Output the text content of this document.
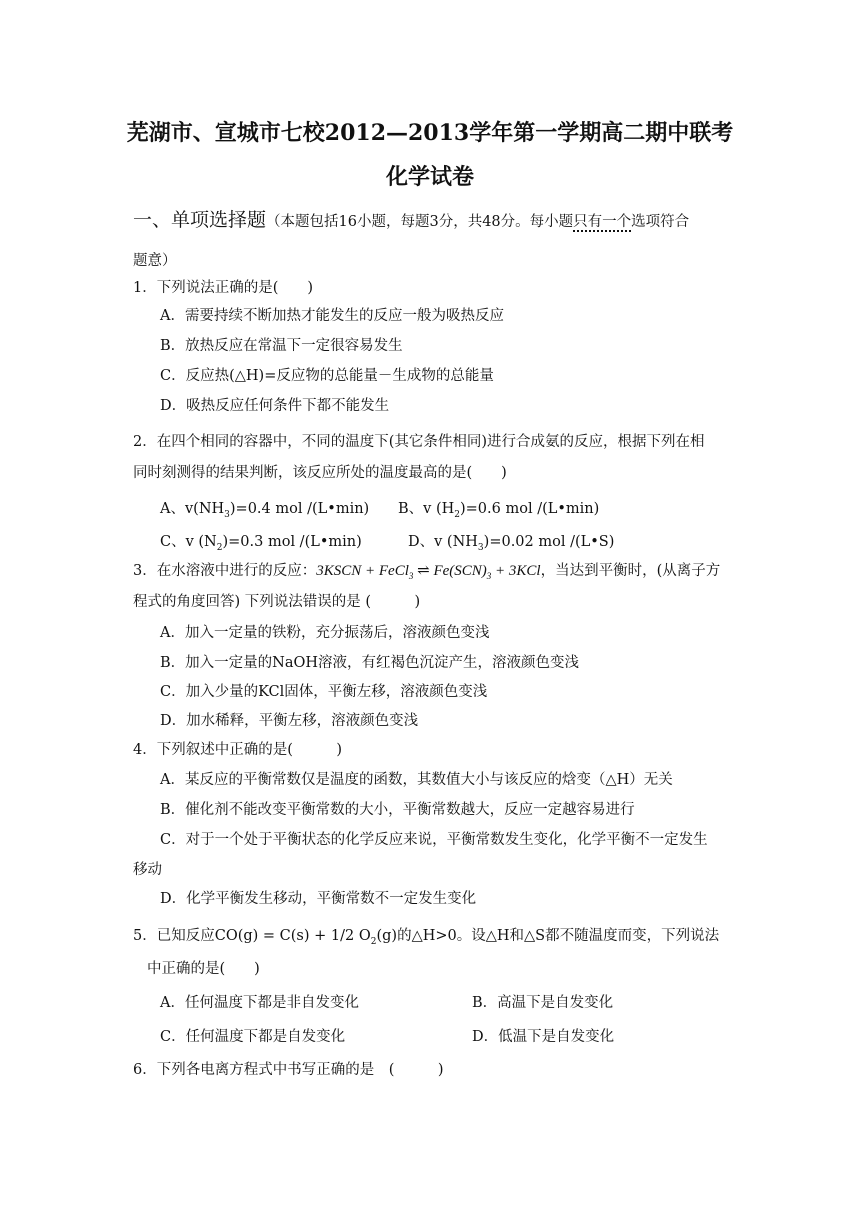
芜湖市、宣城市七校2012—2013学年第一学期高二期中联考
化学试卷
一、单项选择题（本题包括16小题，每题3分，共48分。每小题只有一个选项符合
题意）
1．下列说法正确的是(　　)
A．需要持续不断加热才能发生的反应一般为吸热反应
B．放热反应在常温下一定很容易发生
C．反应热(△H)=反应物的总能量－生成物的总能量
D．吸热反应任何条件下都不能发生
2．在四个相同的容器中，不同的温度下(其它条件相同)进行合成氨的反应，根据下列在相
同时刻测得的结果判断，该反应所处的温度最高的是(　　)
A、$v(NH_3)=0.4$ mol /(L•min) B、v $(H_2)=0.6$ mol /(L•min)
C、v $(N_2)=0.3$ mol /(L•min)	D、v $(NH_3)=0.02$ mol /(L•S)
3．在水溶液中进行的反应：3KSCN + FeCl$_3$ ⇌ $Fe(SCN)_3 + 3KCl$，当达到平衡时，(从离子方
程式的角度回答) 下列说法错误的是 (　　　)
A．加入一定量的铁粉，充分振荡后，溶液颜色变浅
B．加入一定量的NaOH溶液，有红褐色沉淀产生，溶液颜色变浅
C．加入少量的KCl固体，平衡左移，溶液颜色变浅
D．加水稀释，平衡左移，溶液颜色变浅
4．下列叙述中正确的是(　　　)
A．某反应的平衡常数仅是温度的函数，其数值大小与该反应的焓变（△H）无关
B．催化剂不能改变平衡常数的大小，平衡常数越大，反应一定越容易进行
C．对于一个处于平衡状态的化学反应来说，平衡常数发生变化，化学平衡不一定发生
移动
D．化学平衡发生移动，平衡常数不一定发生变化
5．已知反应CO(g) = C(s) + 1/2 $O_2(g)$的△H>0。设△H和△S都不随温度而变，下列说法
中正确的是(　　)
A．任何温度下都是非自发变化	B．高温下是自发变化
C．任何温度下都是自发变化	D．低温下是自发变化
6．下列各电离方程式中书写正确的是　(　　　)
